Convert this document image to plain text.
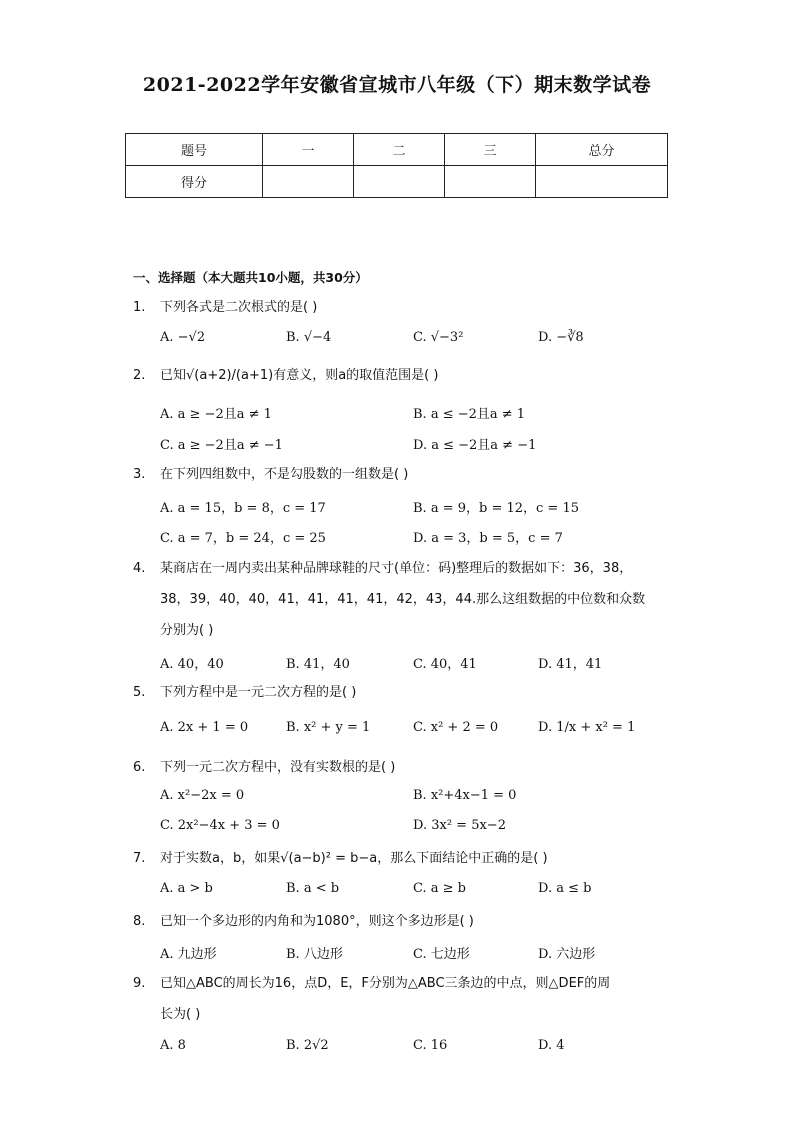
2021-2022学年安徽省宣城市八年级（下）期末数学试卷
题号	一	二	三	总分
得分				
一、选择题（本大题共10小题，共30分）
1. 下列各式是二次根式的是( )
A. −√2	B. √−4	C. √−3²	D. −∛8
2. 已知√(a+2)/(a+1)有意义，则a的取值范围是( )
A. a ≥ −2且a ≠ 1	B. a ≤ −2且a ≠ 1
C. a ≥ −2且a ≠ −1	D. a ≤ −2且a ≠ −1
3. 在下列四组数中，不是勾股数的一组数是( )
A. a = 15，b = 8，c = 17	B. a = 9，b = 12，c = 15
C. a = 7，b = 24，c = 25	D. a = 3，b = 5，c = 7
4. 某商店在一周内卖出某种品牌球鞋的尺寸(单位：码)整理后的数据如下：36，38，
38，39，40，40，41，41，41，41，42，43，44.那么这组数据的中位数和众数
分别为( )
A. 40，40	B. 41，40	C. 40，41	D. 41，41
5. 下列方程中是一元二次方程的是( )
A. 2x + 1 = 0	B. x² + y = 1	C. x² + 2 = 0	D. 1/x + x² = 1
6. 下列一元二次方程中，没有实数根的是( )
A. x²−2x = 0	B. x²+4x−1 = 0
C. 2x²−4x + 3 = 0	D. 3x² = 5x−2
7. 对于实数a，b，如果√(a−b)² = b−a，那么下面结论中正确的是( )
A. a > b	B. a < b	C. a ≥ b	D. a ≤ b
8. 已知一个多边形的内角和为1080°，则这个多边形是( )
A. 九边形	B. 八边形	C. 七边形	D. 六边形
9. 已知△ABC的周长为16，点D，E，F分别为△ABC三条边的中点，则△DEF的周
长为( )
A. 8	B. 2√2	C. 16	D. 4
